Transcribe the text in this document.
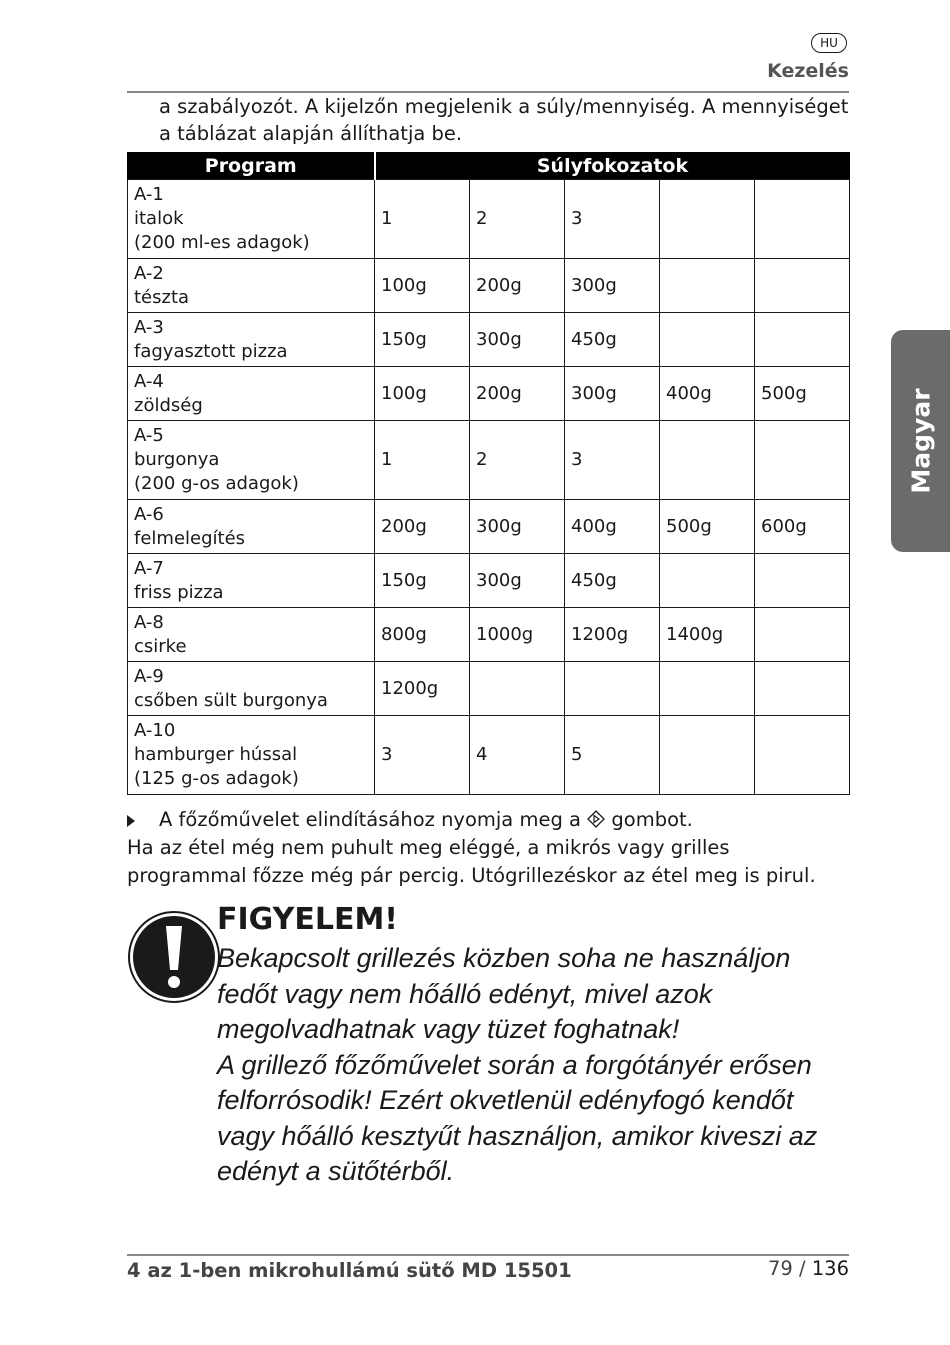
HU
Kezelés
a szabályozót. A kijelzőn megjelenik a súly/mennyiség. A mennyiséget a táblázat alapján állíthatja be.
Program	Súlyfokozatok				

A-1
italok
(200 ml-es adagok)	1	2	3		

A-2
tészta	100g	200g	300g		

A-3
fagyasztott pizza	150g	300g	450g		

A-4
zöldség	100g	200g	300g	400g	500g

A-5
burgonya
(200 g-os adagok)	1	2	3		

A-6
felmelegítés	200g	300g	400g	500g	600g

A-7
friss pizza	150g	300g	450g		

A-8
csirke	800g	1000g	1200g	1400g	

A-9
csőben sült burgonya	1200g				

A-10
hamburger hússal
(125 g-os adagok)	3	4	5		
A főzőművelet elindításához nyomja meg a gombot.
Ha az étel még nem puhult meg eléggé, a mikrós vagy grilles programmal főzze még pár percig. Utógrillezéskor az étel meg is pirul.
FIGYELEM!

Bekapcsolt grillezés közben soha ne használjon fedőt vagy nem hőálló edényt, mivel azok megolvadhatnak vagy tüzet foghatnak!

A grillező főzőművelet során a forgótányér erősen felforrósodik! Ezért okvetlenül edényfogó kendőt vagy hőálló kesztyűt használjon, amikor kiveszi az edényt a sütőtérből.

Magyar
4 az 1-ben mikrohullámú sütő MD 15501	79 / 136
